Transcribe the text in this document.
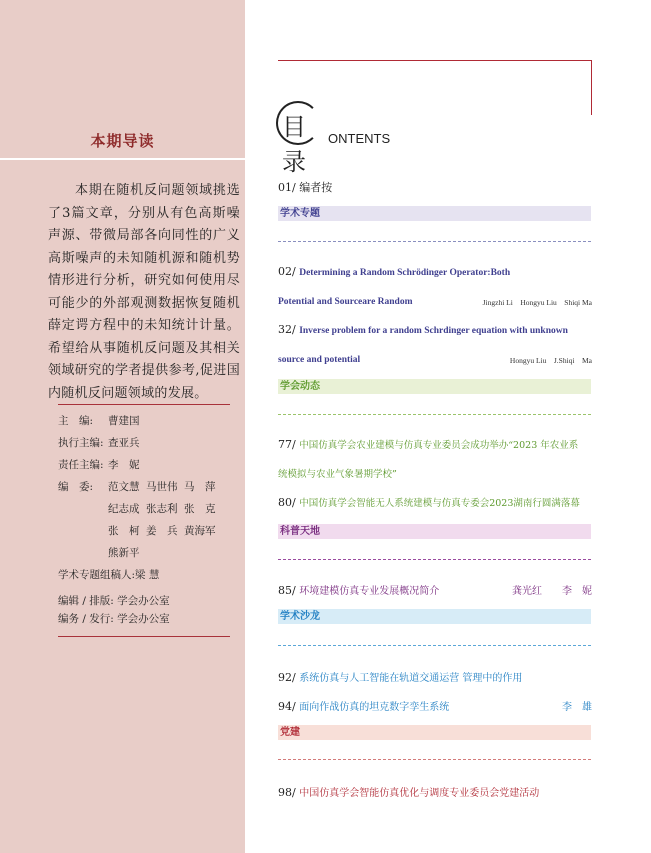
本期导读
本期在随机反问题领域挑选了3篇文章，分别从有色高斯噪声源、带微局部各向同性的广义高斯噪声的未知随机源和随机势情形进行分析，研究如何使用尽可能少的外部观测数据恢复随机薛定谔方程中的未知统计计量。希望给从事随机反问题及其相关领域研究的学者提供参考,促进国内随机反问题领域的发展。
主　编: 曹建国
执行主编: 查亚兵
责任主编: 李　妮
编　委:	范文慧 马世伟 马　萍
纪志成 张志利 张　克
张　柯 姜　兵 黄海军
熊新平
学术专题组稿人:梁 慧
编辑 / 排版: 学会办公室
编务 / 发行: 学会办公室
目录
ONTENTS
01/ 编者按
学术专题
02/ Determining a Random Schrödinger Operator:Both
Potential and Sourceare Random	Jingzhi Li　Hongyu Liu　Shiqi Ma
32/ Inverse problem for a random Schrdinger equation with unknown
source and potential	Hongyu Liu　J.Shiqi　Ma
学会动态
77/ 中国仿真学会农业建模与仿真专业委员会成功举办“2023 年农业系
统模拟与农业气象暑期学校”
80/ 中国仿真学会智能无人系统建模与仿真专委会2023湖南行圆满落幕
科普天地
85/ 环境建模仿真专业发展概况简介	龚光红　　李　妮
学术沙龙
92/ 系统仿真与人工智能在轨道交通运营 管理中的作用
94/ 面向作战仿真的坦克数字孪生系统	李　雄
党建
98/ 中国仿真学会智能仿真优化与调度专业委员会党建活动
